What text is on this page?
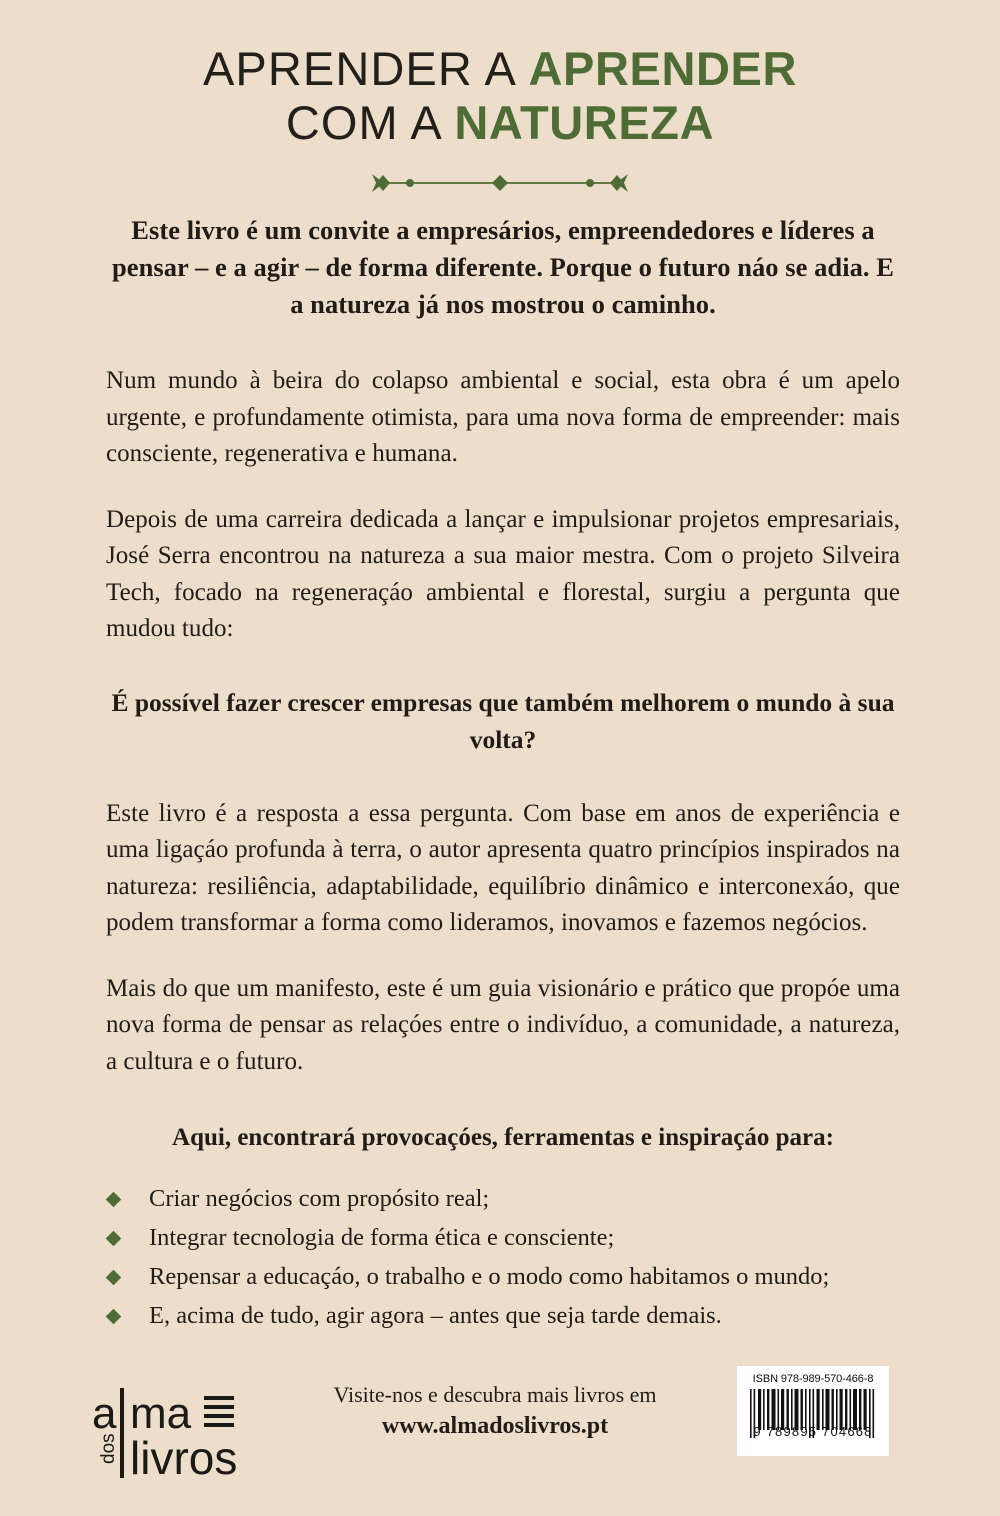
APRENDER A APRENDER
COM A NATUREZA

Este livro é um convite a empresários, empreendedores e líderes a pensar – e a agir – de forma diferente. Porque o futuro náo se adia. E a natureza já nos mostrou o caminho.

Num mundo à beira do colapso ambiental e social, esta obra é um apelo urgente, e profundamente otimista, para uma nova forma de empreender: mais consciente, regenerativa e humana.

Depois de uma carreira dedicada a lançar e impulsionar projetos empresariais, José Serra encontrou na natureza a sua maior mestra. Com o projeto Silveira Tech, focado na regeneraçáo ambiental e florestal, surgiu a pergunta que mudou tudo:

É possível fazer crescer empresas que também melhorem o mundo à sua volta?

Este livro é a resposta a essa pergunta. Com base em anos de experiência e uma ligaçáo profunda à terra, o autor apresenta quatro princípios inspirados na natureza: resiliência, adaptabilidade, equilíbrio dinâmico e interconexáo, que podem transformar a forma como lideramos, inovamos e fazemos negócios.

Mais do que um manifesto, este é um guia visionário e prático que propóe uma nova forma de pensar as relaçóes entre o indivíduo, a comunidade, a natureza, a cultura e o futuro.

Aqui, encontrará provocaçóes, ferramentas e inspiraçáo para:

Criar negócios com propósito real;
Integrar tecnologia de forma ética e consciente;
Repensar a educaçáo, o trabalho e o modo como habitamos o mundo;
E, acima de tudo, agir agora – antes que seja tarde demais.
a ma
dos livros
Visite-nos e descubra mais livros em
www.almadoslivros.pt
ISBN 978-989-570-466-8
9 789895 704668
